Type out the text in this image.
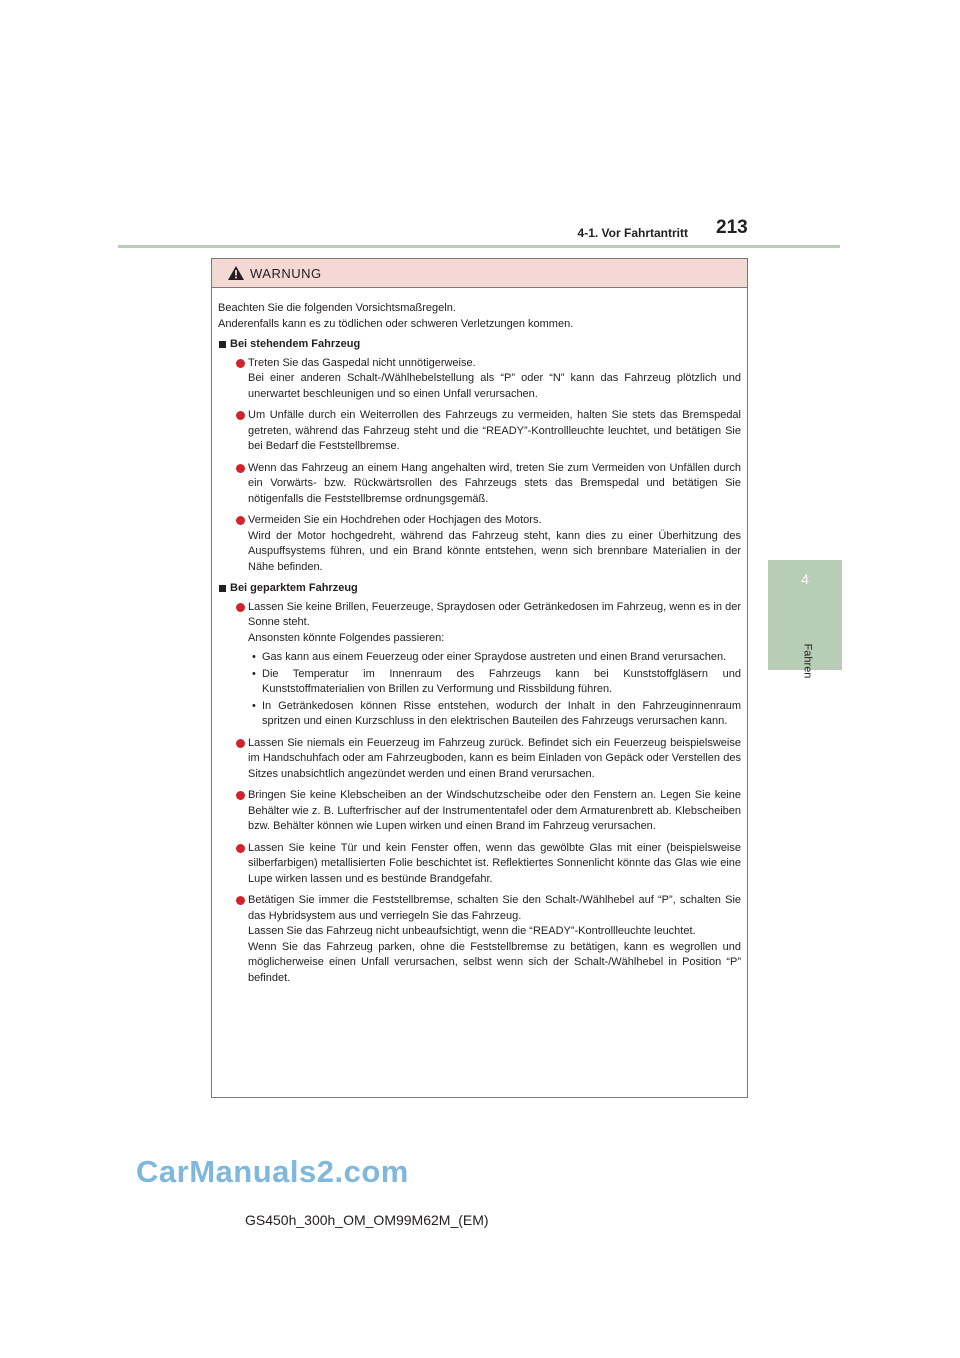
4-1. Vor Fahrtantritt 213
4
Fahren
WARNUNG

Beachten Sie die folgenden Vorsichtsmaßregeln.

Anderenfalls kann es zu tödlichen oder schweren Verletzungen kommen.

Bei stehendem Fahrzeug
Treten Sie das Gaspedal nicht unnötigerweise.
Bei einer anderen Schalt-/Wählhebelstellung als “P” oder “N” kann das Fahrzeug plötzlich und unerwartet beschleunigen und so einen Unfall verursachen.
Um Unfälle durch ein Weiterrollen des Fahrzeugs zu vermeiden, halten Sie stets das Bremspedal getreten, während das Fahrzeug steht und die “READY”-Kontrollleuchte leuchtet, und betätigen Sie bei Bedarf die Feststellbremse.
Wenn das Fahrzeug an einem Hang angehalten wird, treten Sie zum Vermeiden von Unfällen durch ein Vorwärts- bzw. Rückwärtsrollen des Fahrzeugs stets das Bremspedal und betätigen Sie nötigenfalls die Feststellbremse ordnungsgemäß.
Vermeiden Sie ein Hochdrehen oder Hochjagen des Motors.
Wird der Motor hochgedreht, während das Fahrzeug steht, kann dies zu einer Überhitzung des Auspuffsystems führen, und ein Brand könnte entstehen, wenn sich brennbare Materialien in der Nähe befinden.
Bei geparktem Fahrzeug
Lassen Sie keine Brillen, Feuerzeuge, Spraydosen oder Getränkedosen im Fahrzeug, wenn es in der Sonne steht.
Ansonsten könnte Folgendes passieren:
• Gas kann aus einem Feuerzeug oder einer Spraydose austreten und einen Brand verursachen.
• Die Temperatur im Innenraum des Fahrzeugs kann bei Kunststoffgläsern und Kunststoffmaterialien von Brillen zu Verformung und Rissbildung führen.
• In Getränkedosen können Risse entstehen, wodurch der Inhalt in den Fahrzeuginnenraum spritzen und einen Kurzschluss in den elektrischen Bauteilen des Fahrzeugs verursachen kann.
Lassen Sie niemals ein Feuerzeug im Fahrzeug zurück. Befindet sich ein Feuerzeug beispielsweise im Handschuhfach oder am Fahrzeugboden, kann es beim Einladen von Gepäck oder Verstellen des Sitzes unabsichtlich angezündet werden und einen Brand verursachen.
Bringen Sie keine Klebscheiben an der Windschutzscheibe oder den Fenstern an. Legen Sie keine Behälter wie z. B. Lufterfrischer auf der Instrumententafel oder dem Armaturenbrett ab. Klebscheiben bzw. Behälter können wie Lupen wirken und einen Brand im Fahrzeug verursachen.
Lassen Sie keine Tür und kein Fenster offen, wenn das gewölbte Glas mit einer (beispielsweise silberfarbigen) metallisierten Folie beschichtet ist. Reflektiertes Sonnenlicht könnte das Glas wie eine Lupe wirken lassen und es bestünde Brandgefahr.
Betätigen Sie immer die Feststellbremse, schalten Sie den Schalt-/Wählhebel auf “P”, schalten Sie das Hybridsystem aus und verriegeln Sie das Fahrzeug.
Lassen Sie das Fahrzeug nicht unbeaufsichtigt, wenn die “READY”-Kontrollleuchte leuchtet.
Wenn Sie das Fahrzeug parken, ohne die Feststellbremse zu betätigen, kann es wegrollen und möglicherweise einen Unfall verursachen, selbst wenn sich der Schalt-/Wählhebel in Position “P” befindet.
CarManuals2.com
GS450h_300h_OM_OM99M62M_(EM)
